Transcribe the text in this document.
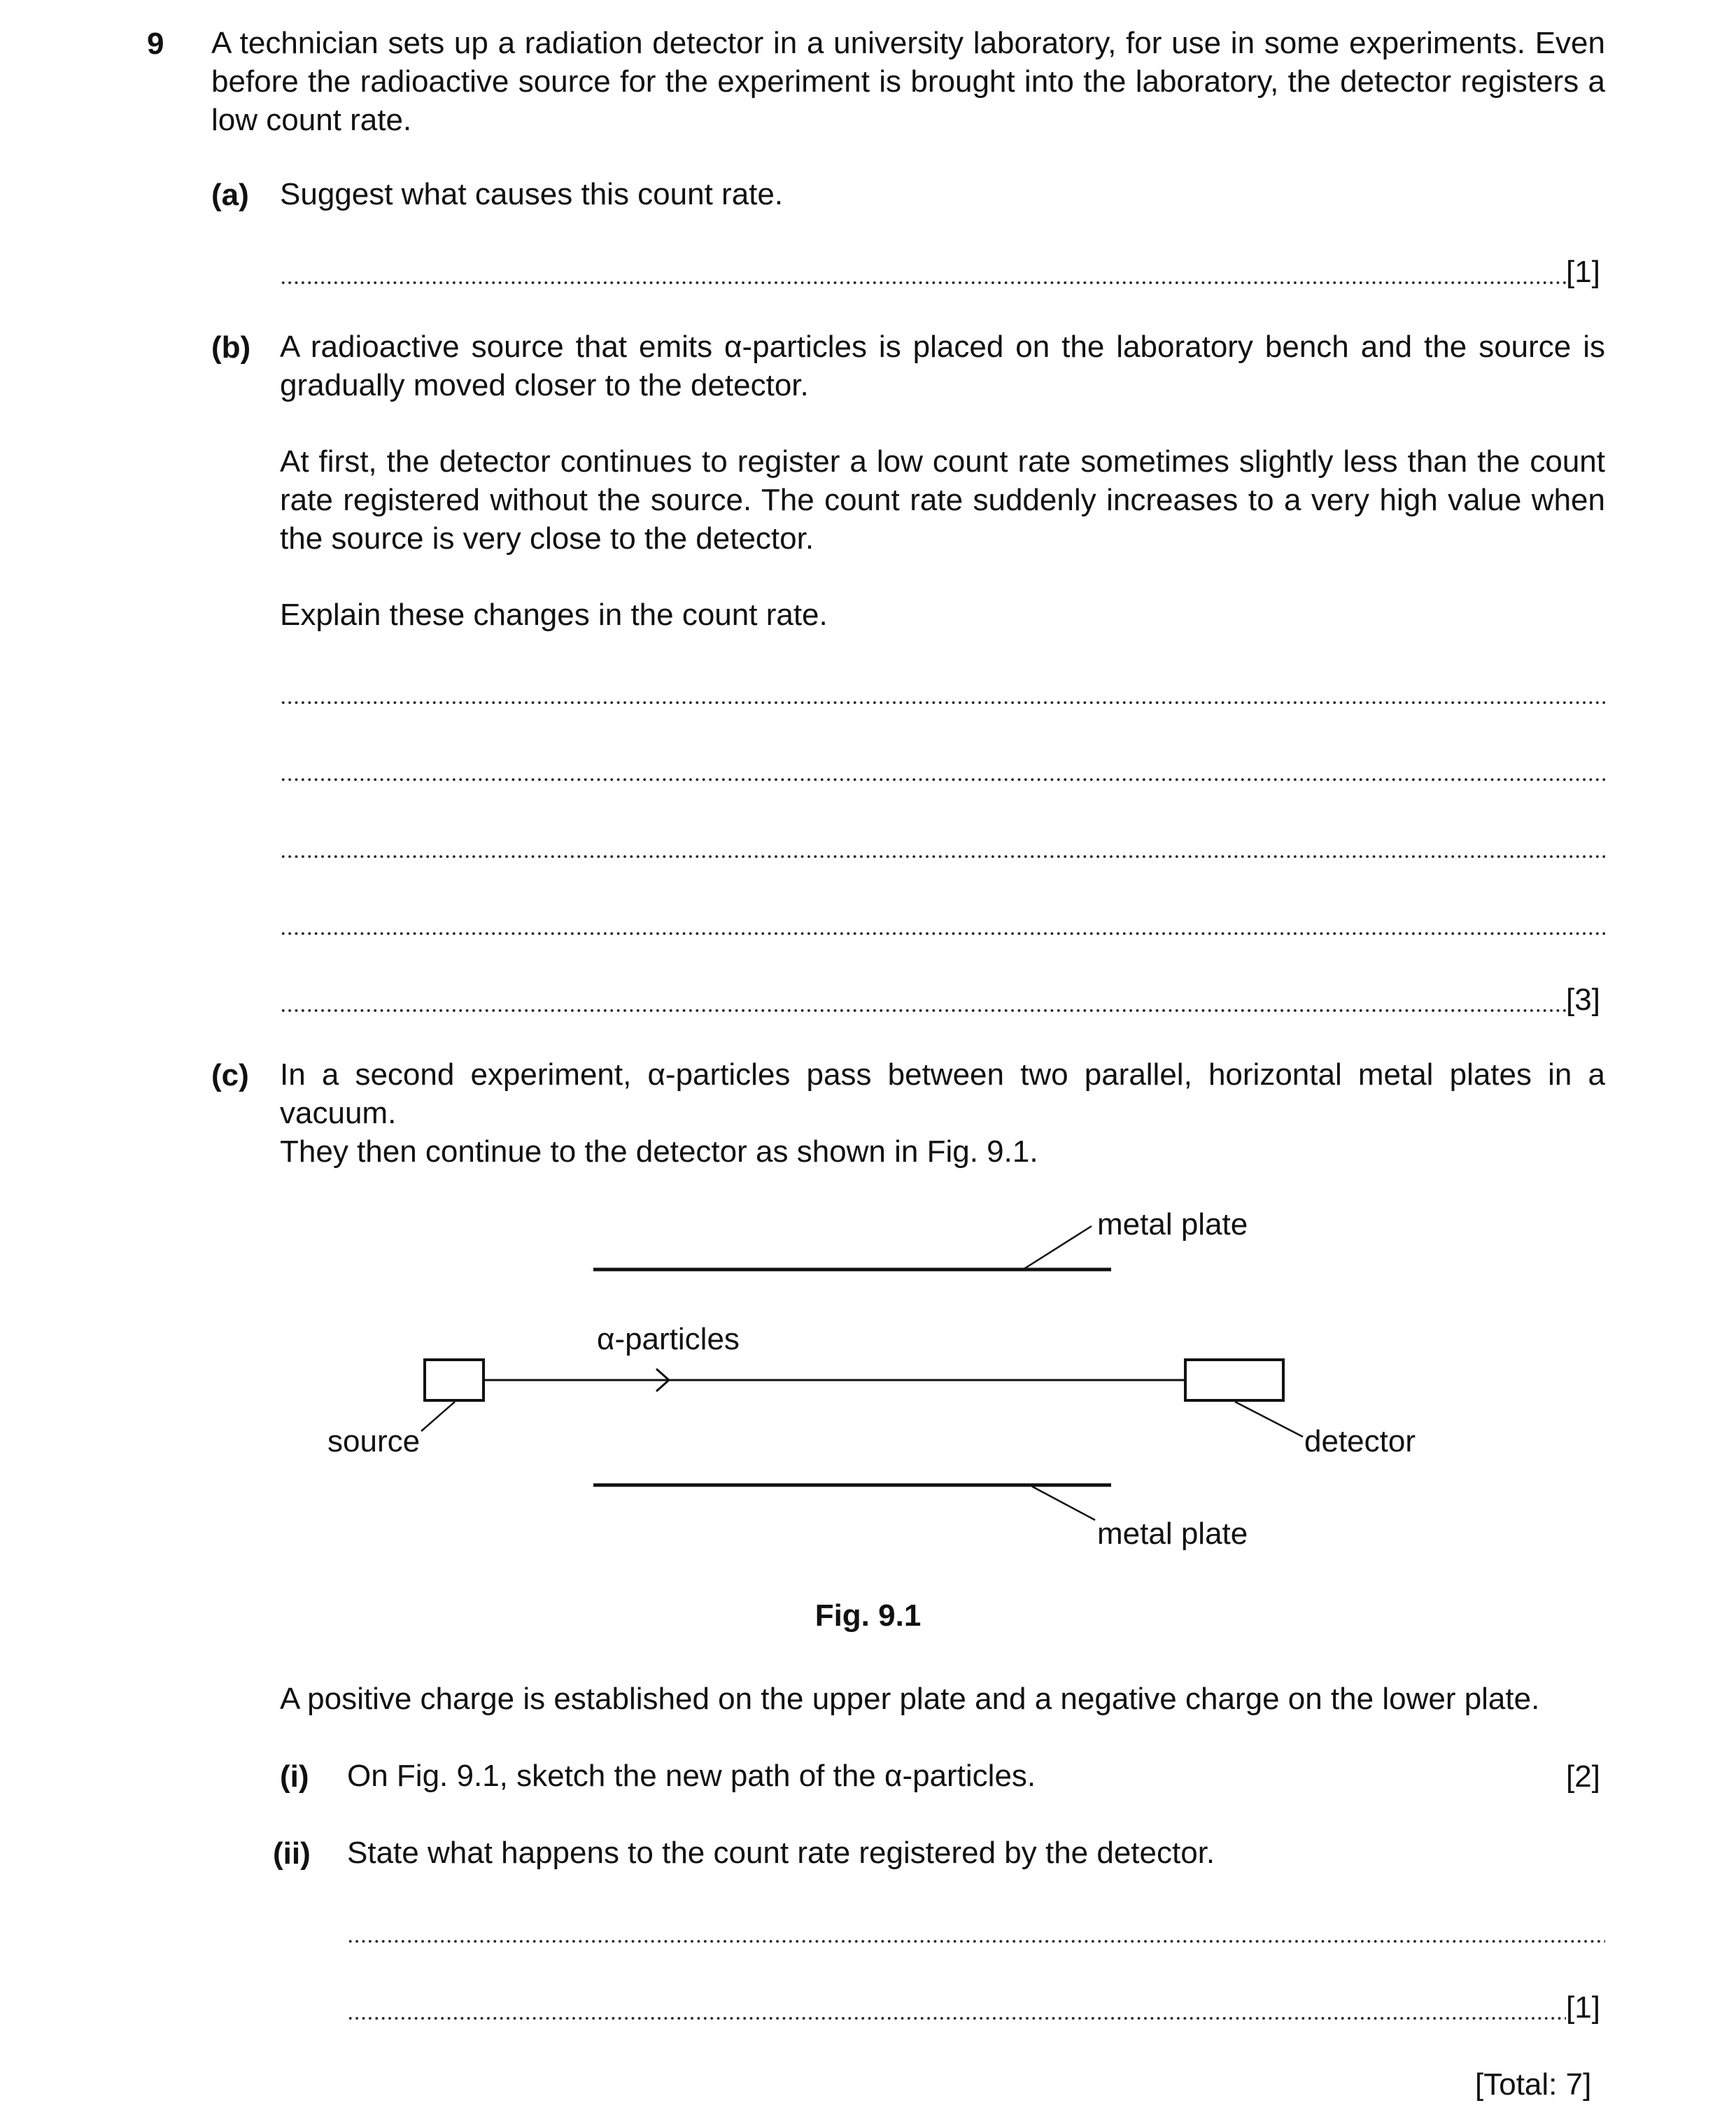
9 A technician sets up a radiation detector in a university laboratory, for use in some experiments. Even before the radioactive source for the experiment is brought into the laboratory, the detector registers a low count rate.
(a) Suggest what causes this count rate.
[1]
(b) A radioactive source that emits α-particles is placed on the laboratory bench and the source is gradually moved closer to the detector.

At first, the detector continues to register a low count rate sometimes slightly less than the count rate registered without the source. The count rate suddenly increases to a very high value when the source is very close to the detector.

Explain these changes in the count rate.

[3]
(c) In a second experiment, α-particles pass between two parallel, horizontal metal plates in a vacuum.

They then continue to the detector as shown in Fig. 9.1.

metal plate
α-particles
source	detector
metal plate
Fig. 9.1
A positive charge is established on the upper plate and a negative charge on the lower plate.
(i) On Fig. 9.1, sketch the new path of the α-particles.	[2]
(ii) State what happens to the count rate registered by the detector.
[1]
[Total: 7]
